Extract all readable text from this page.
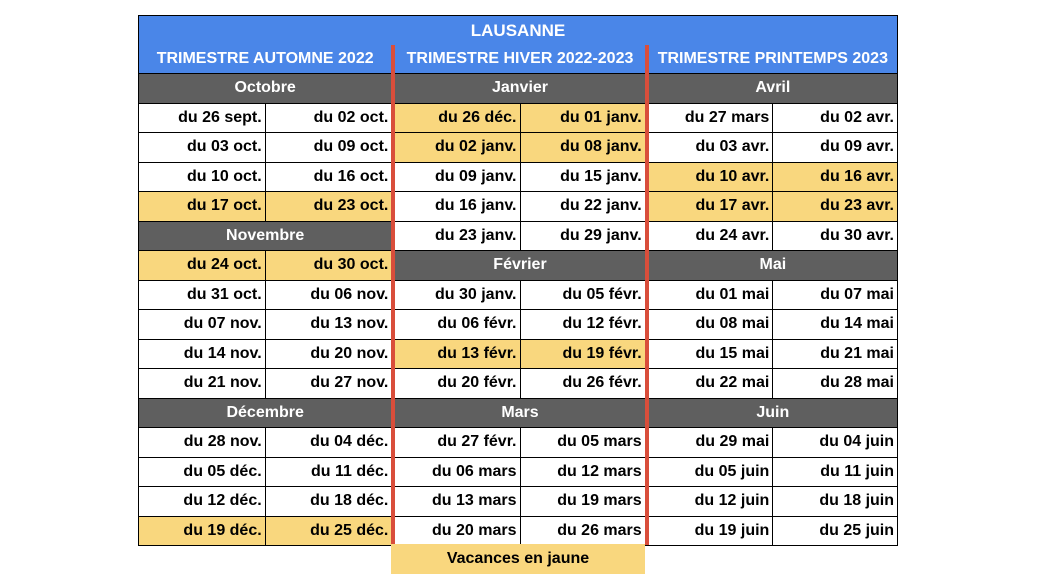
LAUSANNE
TRIMESTRE AUTOMNE 2022
Octobre
du 26 sept.	du 02 oct.
du 03 oct.	du 09 oct.
du 10 oct.	du 16 oct.
du 17 oct.	du 23 oct.
Novembre
du 24 oct.	du 30 oct.
du 31 oct.	du 06 nov.
du 07 nov.	du 13 nov.
du 14 nov.	du 20 nov.
du 21 nov.	du 27 nov.
Décembre
du 28 nov.	du 04 déc.
du 05 déc.	du 11 déc.
du 12 déc.	du 18 déc.
du 19 déc.	du 25 déc.
TRIMESTRE HIVER 2022-2023
Janvier
du 26 déc.	du 01 janv.
du 02 janv.	du 08 janv.
du 09 janv.	du 15 janv.
du 16 janv.	du 22 janv.
du 23 janv.	du 29 janv.
Février
du 30 janv.	du 05 févr.
du 06 févr.	du 12 févr.
du 13 févr.	du 19 févr.
du 20 févr.	du 26 févr.
Mars
du 27 févr.	du 05 mars
du 06 mars	du 12 mars
du 13 mars	du 19 mars
du 20 mars	du 26 mars
TRIMESTRE PRINTEMPS 2023
Avril
du 27 mars	du 02 avr.
du 03 avr.	du 09 avr.
du 10 avr.	du 16 avr.
du 17 avr.	du 23 avr.
du 24 avr.	du 30 avr.
Mai
du 01 mai	du 07 mai
du 08 mai	du 14 mai
du 15 mai	du 21 mai
du 22 mai	du 28 mai
Juin
du 29 mai	du 04 juin
du 05 juin	du 11 juin
du 12 juin	du 18 juin
du 19 juin	du 25 juin
Vacances en jaune
